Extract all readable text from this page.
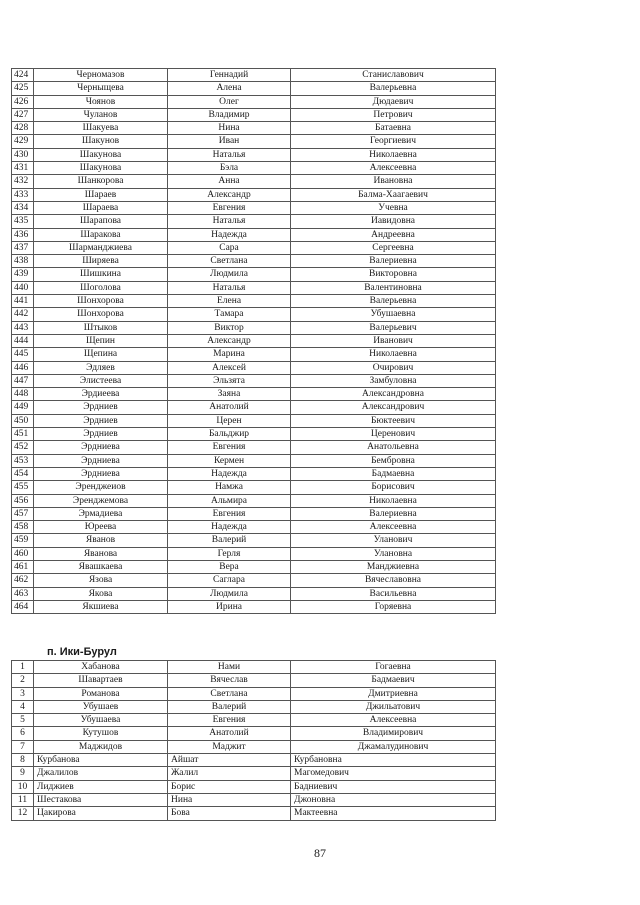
424	Черномазов	Геннадий	Станиславович
425	Черныщева	Алена	Валерьевна
426	Чоянов	Олег	Дюдаевич
427	Чуланов	Владимир	Петрович
428	Шакуева	Нина	Батаевна
429	Шакунов	Иван	Георгиевич
430	Шакунова	Наталья	Николаевна
431	Шакунова	Бэла	Алексеевна
432	Шанкорова	Анна	Ивановна
433	Шараев	Александр	Балма-Хаагаевич
434	Шараева	Евгения	Учевна
435	Шарапова	Наталья	Иавидовна
436	Шаракова	Надежда	Андреевна
437	Шарманджиева	Сара	Сергеевна
438	Ширяева	Светлана	Валериевна
439	Шишкина	Людмила	Викторовна
440	Шоголова	Наталья	Валентиновна
441	Шонхорова	Елена	Валерьевна
442	Шонхорова	Тамара	Убушаевна
443	Штыков	Виктор	Валерьевич
444	Щепин	Александр	Иванович
445	Щепина	Марина	Николаевна
446	Эдляев	Алексей	Очирович
447	Элистеева	Эльзята	Замбуловна
448	Эрдиеева	Заяна	Александровна
449	Эрдниев	Анатолий	Александрович
450	Эрдниев	Церен	Бюктеевич
451	Эрдниев	Бальджир	Церенович
452	Эрдниева	Евгения	Анатольевна
453	Эрдниева	Кермен	Бембровна
454	Эрдниева	Надежда	Бадмаевна
455	Эренджеиов	Намжа	Борисович
456	Эренджемова	Альмира	Николаевна
457	Эрмадиева	Евгения	Валериевна
458	Юреева	Надежда	Алексеевна
459	Яванов	Валерий	Уланович
460	Яванова	Герля	Улановна
461	Явашкаева	Вера	Манджиевна
462	Язова	Саглара	Вячеславовна
463	Якова	Людмила	Васильевна
464	Якшиева	Ирина	Горяевна
п. Ики-Бурул
1	Хабанова	Нами	Гогаевна
2	Шавартаев	Вячеслав	Бадмаевич
3	Романова	Светлана	Дмитриевна
4	Убушаев	Валерий	Джильатович
5	Убушаева	Евгения	Алексеевна
6	Кутушов	Анатолий	Владимирович
7	Маджидов	Маджит	Джамалудинович
8	Курбанова	Айшат	Курбановна
9	Джалилов	Жалил	Магомедович
10	Лиджиев	Борис	Бадниевич
11	Шестакова	Нина	Джоновна
12	Цакирова	Бова	Мактеевна
87
